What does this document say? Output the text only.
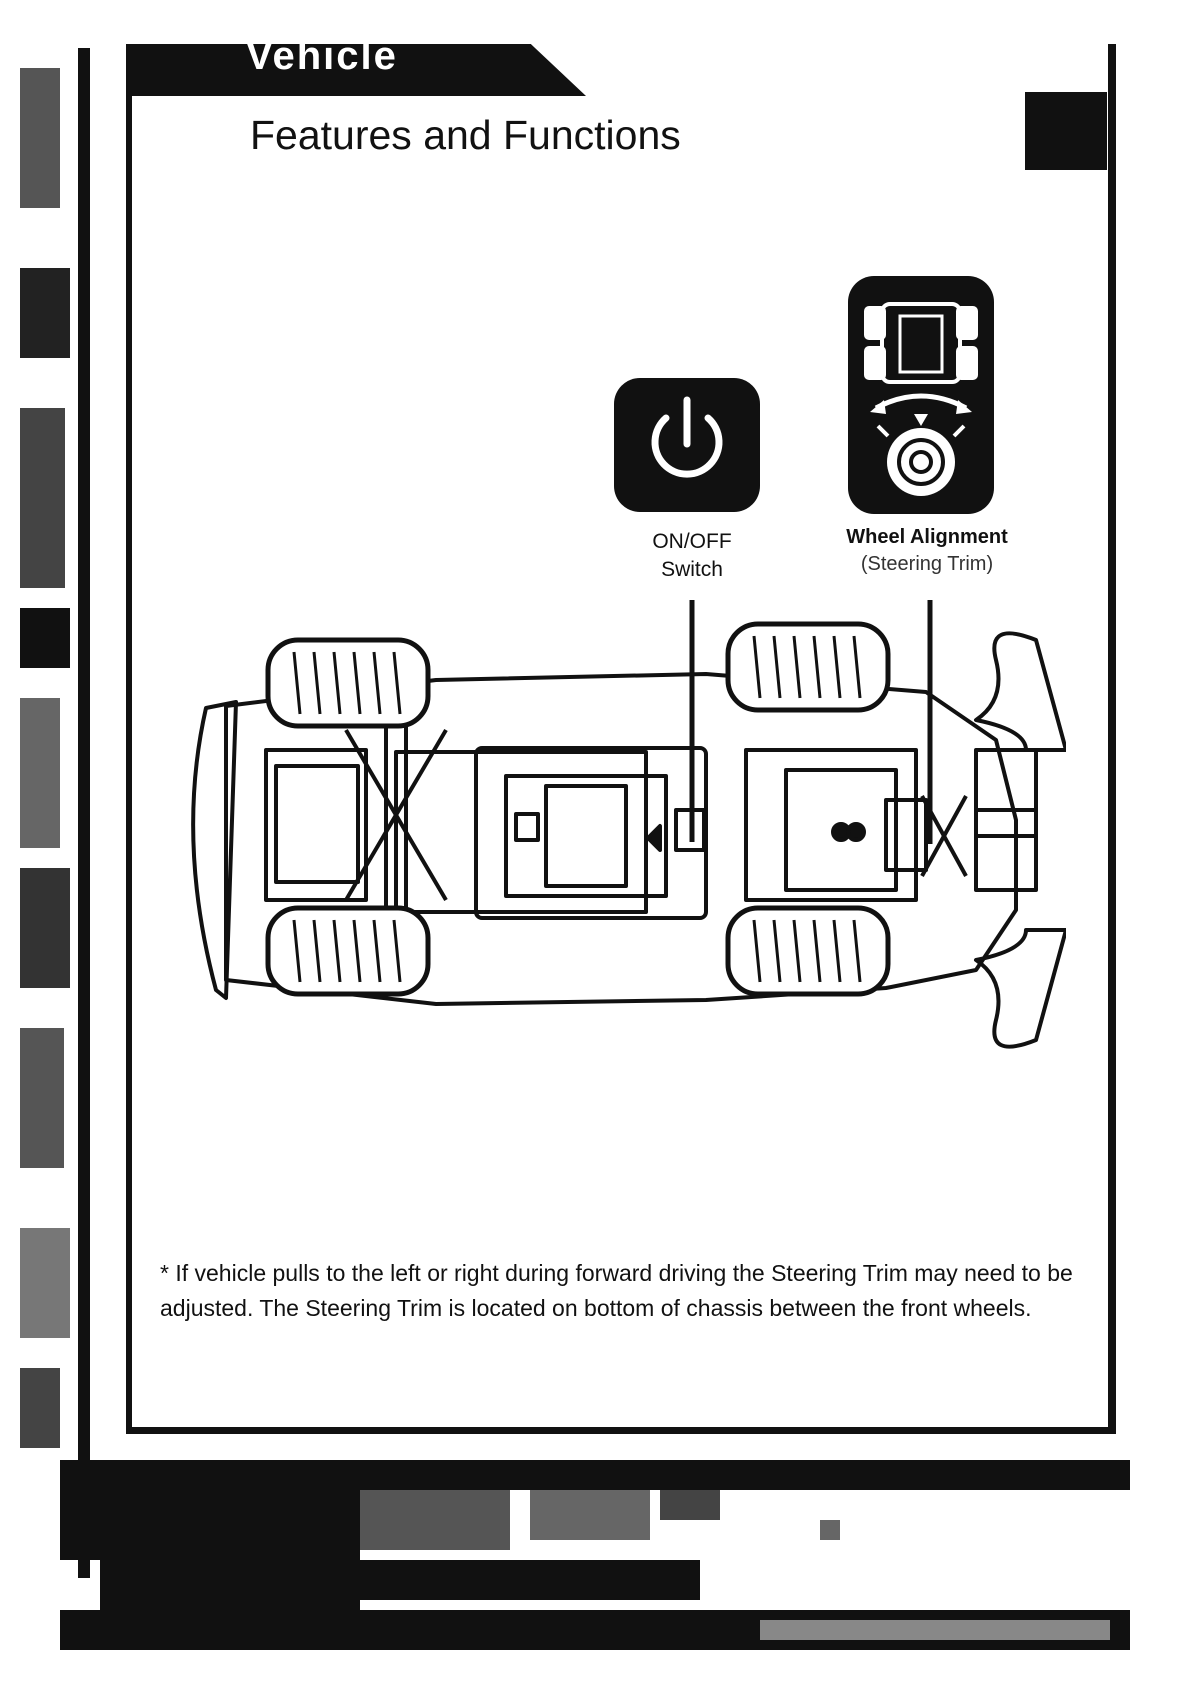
Vehicle
Features and Functions
ON/OFF
Switch
Wheel Alignment
(Steering Trim)
* If vehicle pulls to the left or right during forward driving the Steering Trim may need to be
adjusted. The Steering Trim is located on bottom of chassis between the front wheels.
